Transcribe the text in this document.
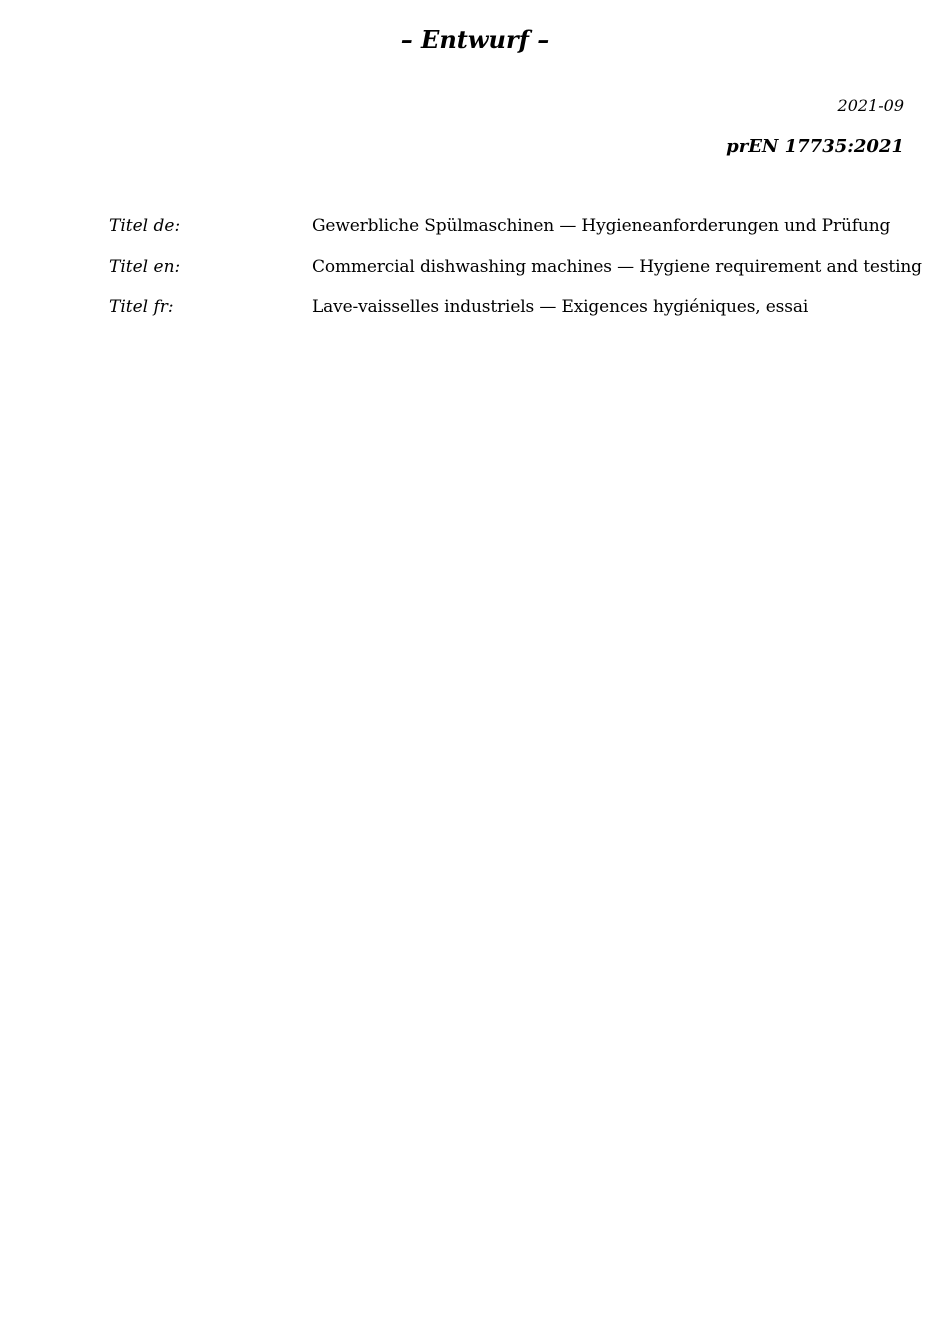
– Entwurf –
2021-09
prEN 17735:2021
Titel de:	Gewerbliche Spülmaschinen — Hygieneanforderungen und Prüfung
Titel en:	Commercial dishwashing machines — Hygiene requirement and testing
Titel fr:	Lave-vaisselles industriels — Exigences hygiéniques, essai
